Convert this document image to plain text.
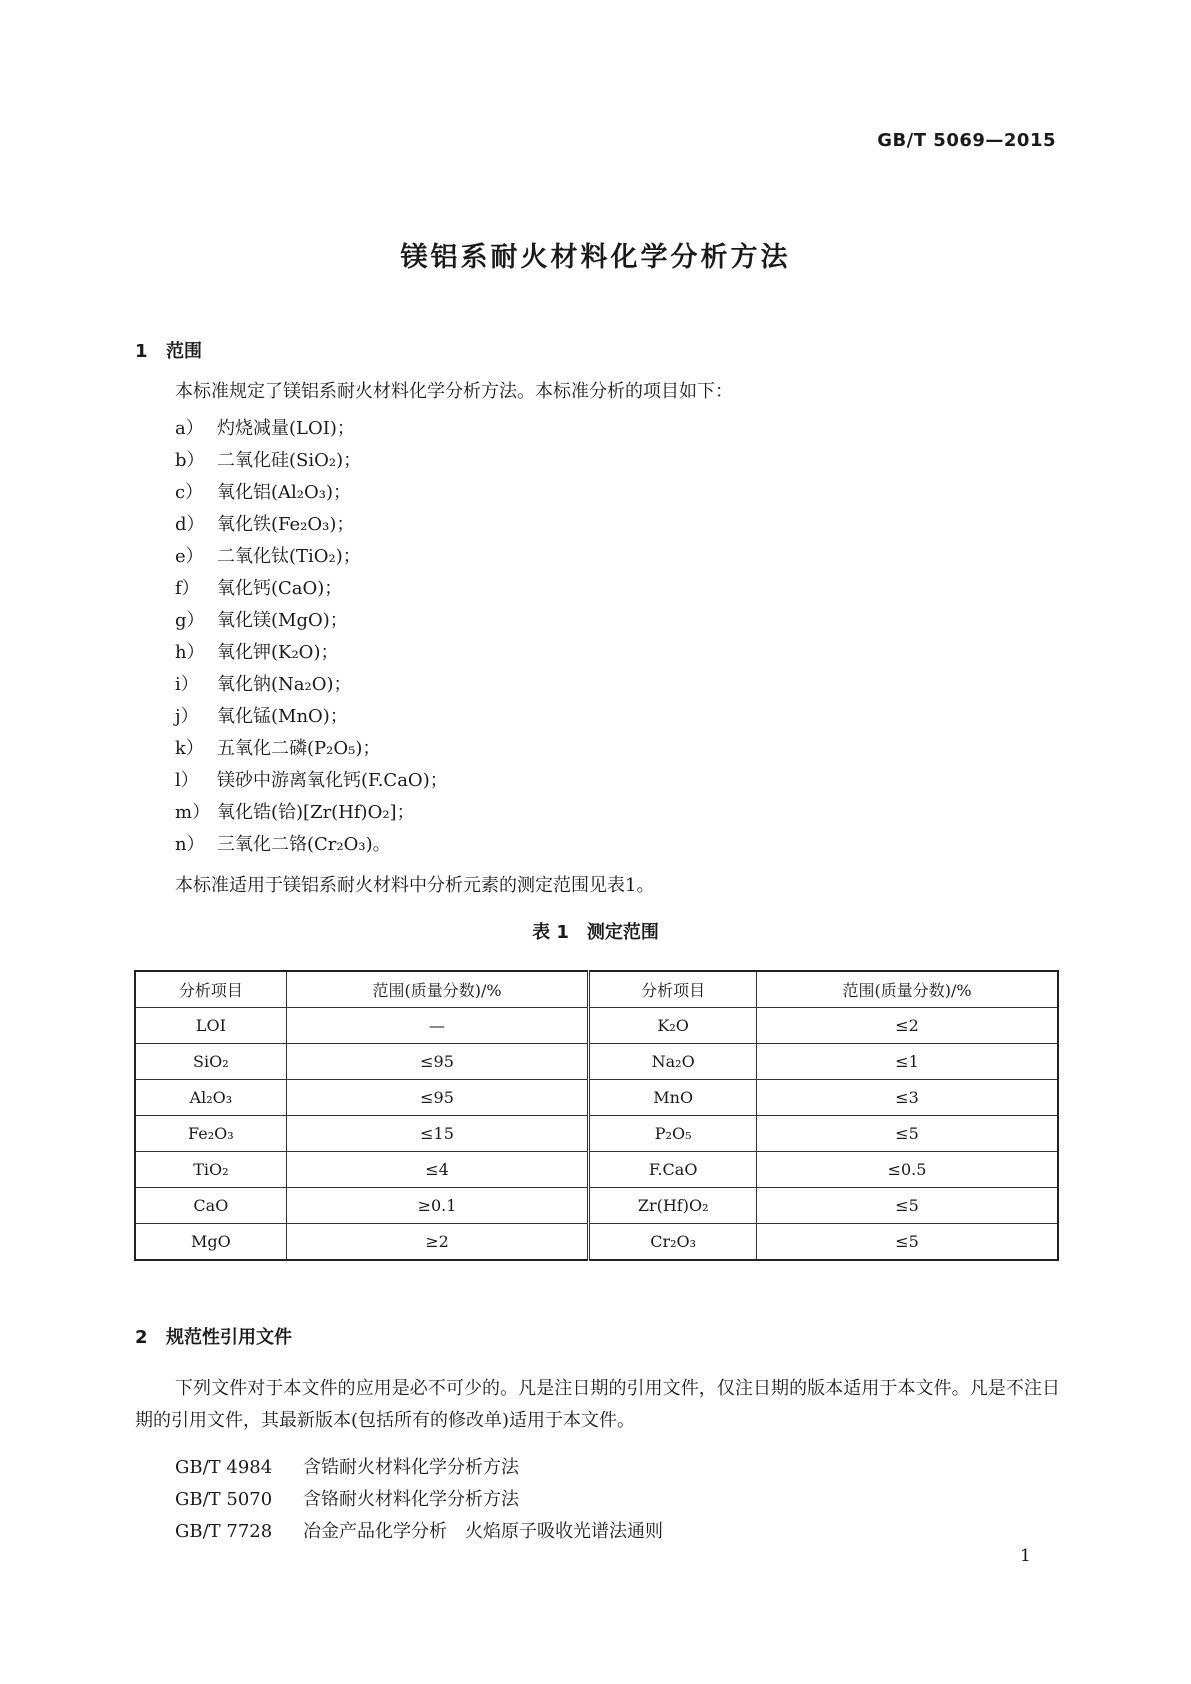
GB/T 5069—2015
镁铝系耐火材料化学分析方法
1 范围
本标准规定了镁铝系耐火材料化学分析方法。本标准分析的项目如下：
a） 灼烧减量(LOI)；
b） 二氧化硅(SiO₂)；
c） 氧化铝(Al₂O₃)；
d） 氧化铁(Fe₂O₃)；
e） 二氧化钛(TiO₂)；
f） 氧化钙(CaO)；
g） 氧化镁(MgO)；
h） 氧化钾(K₂O)；
i） 氧化钠(Na₂O)；
j） 氧化锰(MnO)；
k） 五氧化二磷(P₂O₅)；
l） 镁砂中游离氧化钙(F.CaO)；
m） 氧化锆(铪)[Zr(Hf)O₂]；
n） 三氧化二铬(Cr₂O₃)。
本标准适用于镁铝系耐火材料中分析元素的测定范围见表1。
表 1　测定范围
分析项目	范围(质量分数)/%	分析项目	范围(质量分数)/%
LOI	—	K₂O	≤2
SiO₂	≤95	Na₂O	≤1
Al₂O₃	≤95	MnO	≤3
Fe₂O₃	≤15	P₂O₅	≤5
TiO₂	≤4	F.CaO	≤0.5
CaO	≥0.1	Zr(Hf)O₂	≤5
MgO	≥2	Cr₂O₃	≤5
2 规范性引用文件
下列文件对于本文件的应用是必不可少的。凡是注日期的引用文件，仅注日期的版本适用于本文件。凡是不注日期的引用文件，其最新版本(包括所有的修改单)适用于本文件。
GB/T 4984 含锆耐火材料化学分析方法
GB/T 5070 含铬耐火材料化学分析方法
GB/T 7728 冶金产品化学分析　火焰原子吸收光谱法通则
1
